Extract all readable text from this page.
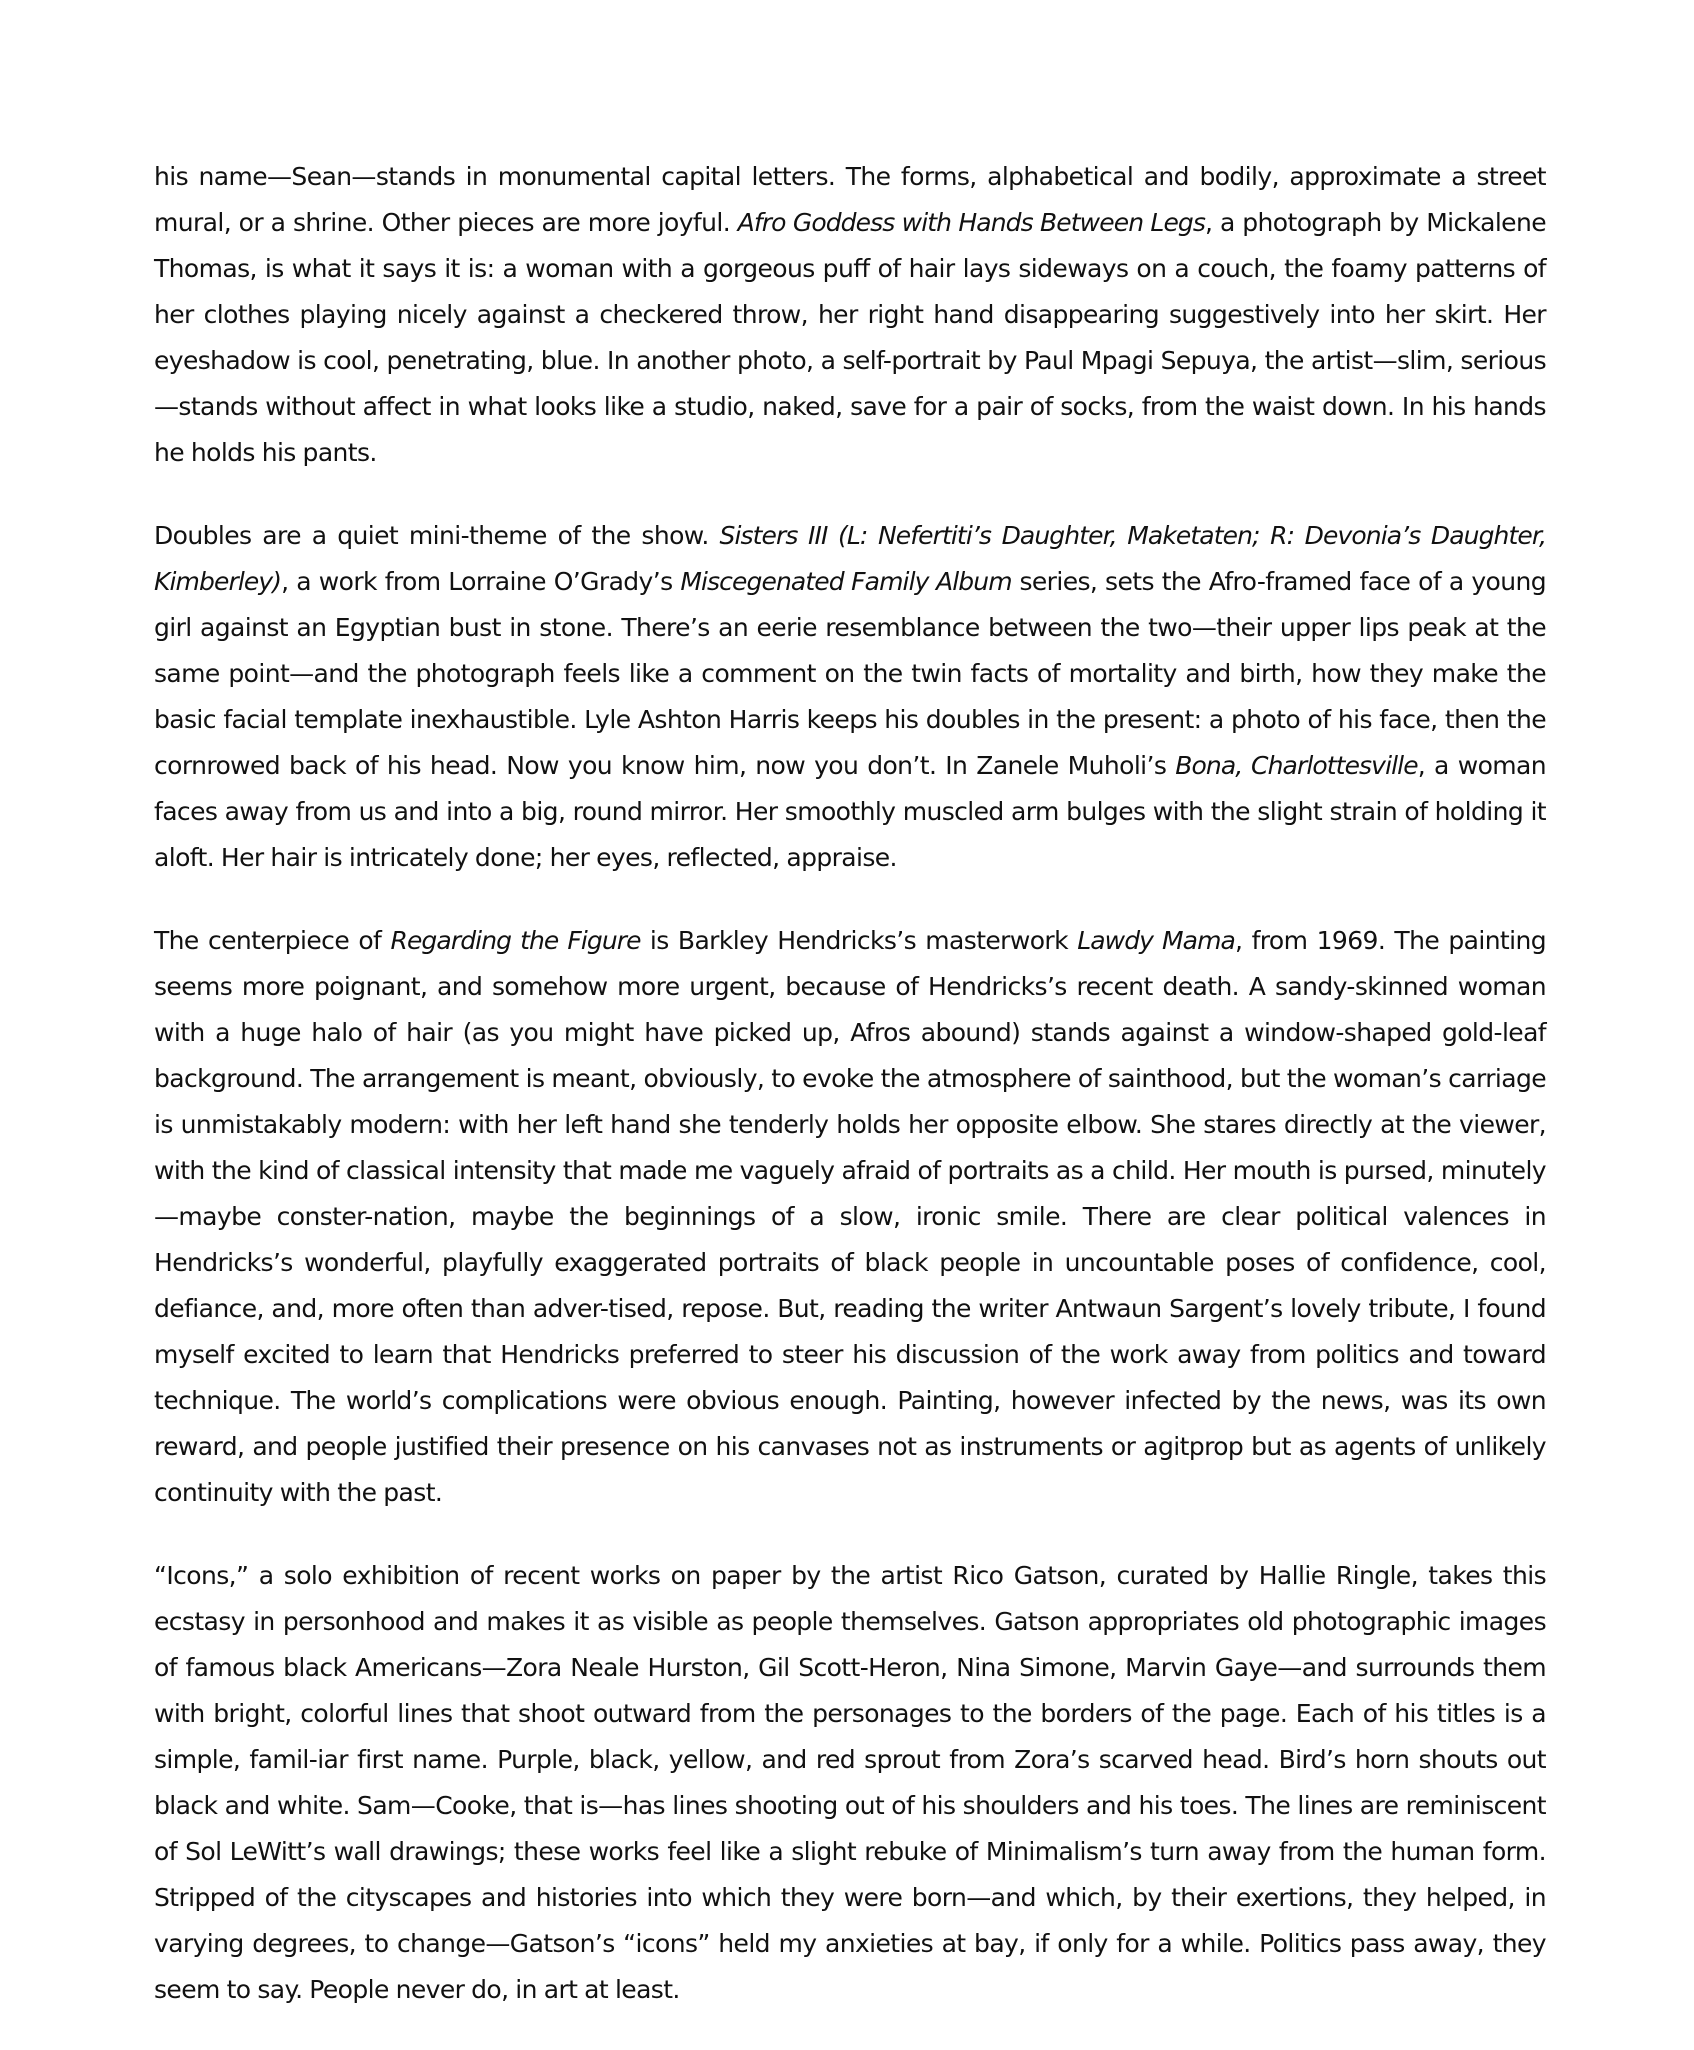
his name—Sean—stands in monumental capital letters. The forms, alphabetical and bodily, approximate a street mural, or a shrine. Other pieces are more joyful. Afro Goddess with Hands Between Legs, a photograph by Mickalene Thomas, is what it says it is: a woman with a gorgeous puff of hair lays sideways on a couch, the foamy patterns of her clothes playing nicely against a checkered throw, her right hand disappearing suggestively into her skirt. Her eyeshadow is cool, penetrating, blue. In another photo, a self-portrait by Paul Mpagi Sepuya, the artist—slim, serious—stands without affect in what looks like a studio, naked, save for a pair of socks, from the waist down. In his hands he holds his pants.

Doubles are a quiet mini-theme of the show. Sisters III (L: Nefertiti’s Daughter, Maketaten; R: Devonia’s Daughter, Kimberley), a work from Lorraine O’Grady’s Miscegenated Family Album series, sets the Afro-framed face of a young girl against an Egyptian bust in stone. There’s an eerie resemblance between the two—their upper lips peak at the same point—and the photograph feels like a comment on the twin facts of mortality and birth, how they make the basic facial template inexhaustible. Lyle Ashton Harris keeps his doubles in the present: a photo of his face, then the cornrowed back of his head. Now you know him, now you don’t. In Zanele Muholi’s Bona, Charlottesville, a woman faces away from us and into a big, round mirror. Her smoothly muscled arm bulges with the slight strain of holding it aloft. Her hair is intricately done; her eyes, reflected, appraise.

The centerpiece of Regarding the Figure is Barkley Hendricks’s masterwork Lawdy Mama, from 1969. The painting seems more poignant, and somehow more urgent, because of Hendricks’s recent death. A sandy-skinned woman with a huge halo of hair (as you might have picked up, Afros abound) stands against a window-shaped gold-leaf background. The arrangement is meant, obviously, to evoke the atmosphere of sainthood, but the woman’s carriage is unmistakably modern: with her left hand she tenderly holds her opposite elbow. She stares directly at the viewer, with the kind of classical intensity that made me vaguely afraid of portraits as a child. Her mouth is pursed, minutely—maybe conster-nation, maybe the beginnings of a slow, ironic smile. There are clear political valences in Hendricks’s wonderful, playfully exaggerated portraits of black people in uncountable poses of confidence, cool, defiance, and, more often than adver-tised, repose. But, reading the writer Antwaun Sargent’s lovely tribute, I found myself excited to learn that Hendricks preferred to steer his discussion of the work away from politics and toward technique. The world’s complications were obvious enough. Painting, however infected by the news, was its own reward, and people justified their presence on his canvases not as instruments or agitprop but as agents of unlikely continuity with the past.

“Icons,” a solo exhibition of recent works on paper by the artist Rico Gatson, curated by Hallie Ringle, takes this ecstasy in personhood and makes it as visible as people themselves. Gatson appropriates old photographic images of famous black Americans—Zora Neale Hurston, Gil Scott-Heron, Nina Simone, Marvin Gaye—and surrounds them with bright, colorful lines that shoot outward from the personages to the borders of the page. Each of his titles is a simple, famil-iar first name. Purple, black, yellow, and red sprout from Zora’s scarved head. Bird’s horn shouts out black and white. Sam—Cooke, that is—has lines shooting out of his shoulders and his toes. The lines are reminiscent of Sol LeWitt’s wall drawings; these works feel like a slight rebuke of Minimalism’s turn away from the human form. Stripped of the cityscapes and histories into which they were born—and which, by their exertions, they helped, in varying degrees, to change—Gatson’s “icons” held my anxieties at bay, if only for a while. Politics pass away, they seem to say. People never do, in art at least.
